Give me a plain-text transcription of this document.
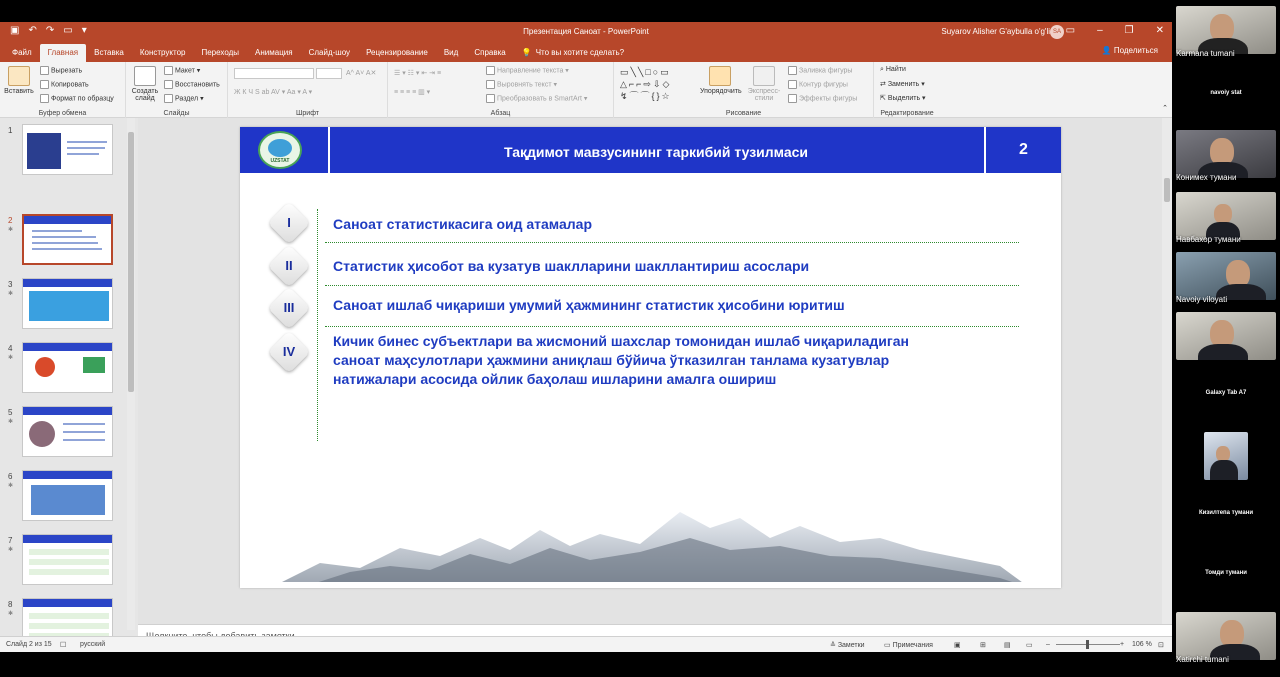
▣ ↶ ↷ ▭ ▾	Презентация Саноат - PowerPoint	Suyarov Alisher G'aybulla o'g'li SA ▭ – ❐ ✕
Файл	Главная	Вставка	Конструктор	Переходы	Анимация	Слайд-шоу	Рецензирование	Вид	Справка	💡 Что вы хотите сделать?	👤 Поделиться
Вставить
Вырезать
Копировать
Формат по образцу
Буфер обмена
Создать слайд
Макет ▾
Восстановить
Раздел ▾
Слайды
A^ A˅ A✕
Ж К Ч S ab AV ▾ Aa ▾ A ▾
Шрифт
☰ ▾ ☷ ▾ ⇤ ⇥ ≡
≡ ≡ ≡ ≡ ▥ ▾
Направление текста ▾
Выровнять текст ▾
Преобразовать в SmartArt ▾
Абзац
▭╲╲□○▭
△⌐⌐⇨⇩◇
↯⌒⌒{}☆	Упорядочить Экспресс-стили
Заливка фигуры
Контур фигуры
Эффекты фигуры
Рисование
⌕ Найти
⇄ Заменить ▾
⇱ Выделить ▾
Редактирование
⌃
1
2
✱
3
✱
4
✱
5
✱
6
✱
7
✱
8
✱
UZSTAT
Тақдимот мавзусининг таркибий тузилмаси	2
I	Саноат статистикасига оид атамалар
II	Статистик ҳисобот ва кузатув шаклларини шакллантириш асослари
III	Саноат ишлаб чиқариши умумий ҳажмининг статистик ҳисобини юритиш
IV
Кичик бинес субъектлари ва жисмоний шахслар томонидан ишлаб чиқариладиган
саноат маҳсулотлари ҳажмини аниқлаш бўйича ўтказилган танлама кузатувлар
натижалари асосида ойлик баҳолаш ишларини амалга ошириш
Слайд 2 из 15 ☐ русский	≙ Заметки	▭ Примечания	▣	⊞	▤ ▭ –	+ 106 % ⊡
Karmana tumani
navoiy stat
Конимех тумани
Навбахор тумани
Navoiy viloyati
Galaxy Tab A7
Кизилтепа тумани
Томди тумани
Xatirchi tumani
